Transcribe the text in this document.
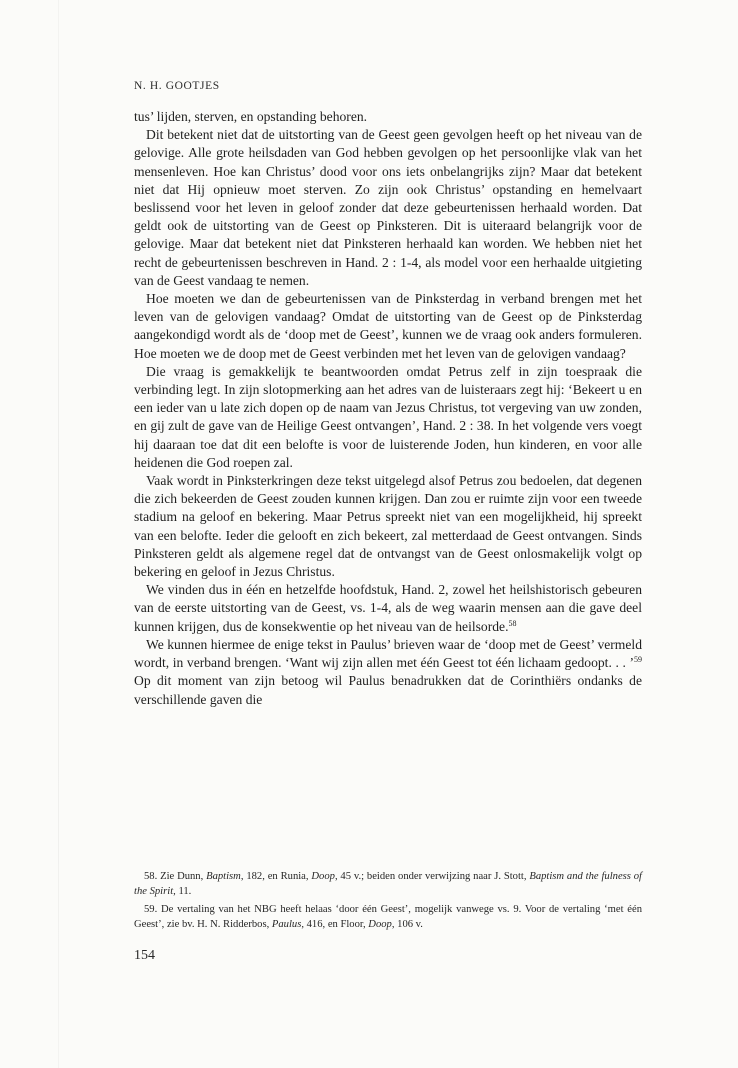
N. H. GOOTJES

tus’ lijden, sterven, en opstanding behoren.

Dit betekent niet dat de uitstorting van de Geest geen gevolgen heeft op het niveau van de gelovige. Alle grote heilsdaden van God hebben gevolgen op het persoonlijke vlak van het mensenleven. Hoe kan Christus’ dood voor ons iets onbelangrijks zijn? Maar dat betekent niet dat Hij opnieuw moet sterven. Zo zijn ook Christus’ opstanding en hemelvaart beslissend voor het leven in geloof zonder dat deze gebeurtenissen herhaald worden. Dat geldt ook de uitstorting van de Geest op Pinksteren. Dit is uiteraard belangrijk voor de gelovige. Maar dat betekent niet dat Pinksteren herhaald kan worden. We hebben niet het recht de gebeurtenissen beschreven in Hand. 2 : 1-4, als model voor een herhaalde uitgieting van de Geest vandaag te nemen.

Hoe moeten we dan de gebeurtenissen van de Pinksterdag in verband brengen met het leven van de gelovigen vandaag? Omdat de uitstorting van de Geest op de Pinksterdag aangekondigd wordt als de ‘doop met de Geest’, kunnen we de vraag ook anders formuleren. Hoe moeten we de doop met de Geest verbinden met het leven van de gelovigen vandaag?

Die vraag is gemakkelijk te beantwoorden omdat Petrus zelf in zijn toespraak die verbinding legt. In zijn slotopmerking aan het adres van de luisteraars zegt hij: ‘Bekeert u en een ieder van u late zich dopen op de naam van Jezus Christus, tot vergeving van uw zonden, en gij zult de gave van de Heilige Geest ontvangen’, Hand. 2 : 38. In het volgende vers voegt hij daaraan toe dat dit een belofte is voor de luisterende Joden, hun kinderen, en voor alle heidenen die God roepen zal.

Vaak wordt in Pinksterkringen deze tekst uitgelegd alsof Petrus zou bedoelen, dat degenen die zich bekeerden de Geest zouden kunnen krijgen. Dan zou er ruimte zijn voor een tweede stadium na geloof en bekering. Maar Petrus spreekt niet van een mogelijkheid, hij spreekt van een belofte. Ieder die gelooft en zich bekeert, zal metterdaad de Geest ontvangen. Sinds Pinksteren geldt als algemene regel dat de ontvangst van de Geest onlosmakelijk volgt op bekering en geloof in Jezus Christus.

We vinden dus in één en hetzelfde hoofdstuk, Hand. 2, zowel het heilshistorisch gebeuren van de eerste uitstorting van de Geest, vs. 1-4, als de weg waarin mensen aan die gave deel kunnen krijgen, dus de konsekwentie op het niveau van de heilsorde.$^{58}$

We kunnen hiermee de enige tekst in Paulus’ brieven waar de ‘doop met de Geest’ vermeld wordt, in verband brengen. ‘Want wij zijn allen met één Geest tot één lichaam gedoopt. . . ’$^{59}$ Op dit moment van zijn betoog wil Paulus benadrukken dat de Corinthiërs ondanks de verschillende gaven die

58. Zie Dunn, Baptism, 182, en Runia, Doop, 45 v.; beiden onder verwijzing naar J. Stott, Baptism and the fulness of the Spirit, 11.

59. De vertaling van het NBG heeft helaas ‘door één Geest’, mogelijk vanwege vs. 9. Voor de vertaling ‘met één Geest’, zie bv. H. N. Ridderbos, Paulus, 416, en Floor, Doop, 106 v.

154
